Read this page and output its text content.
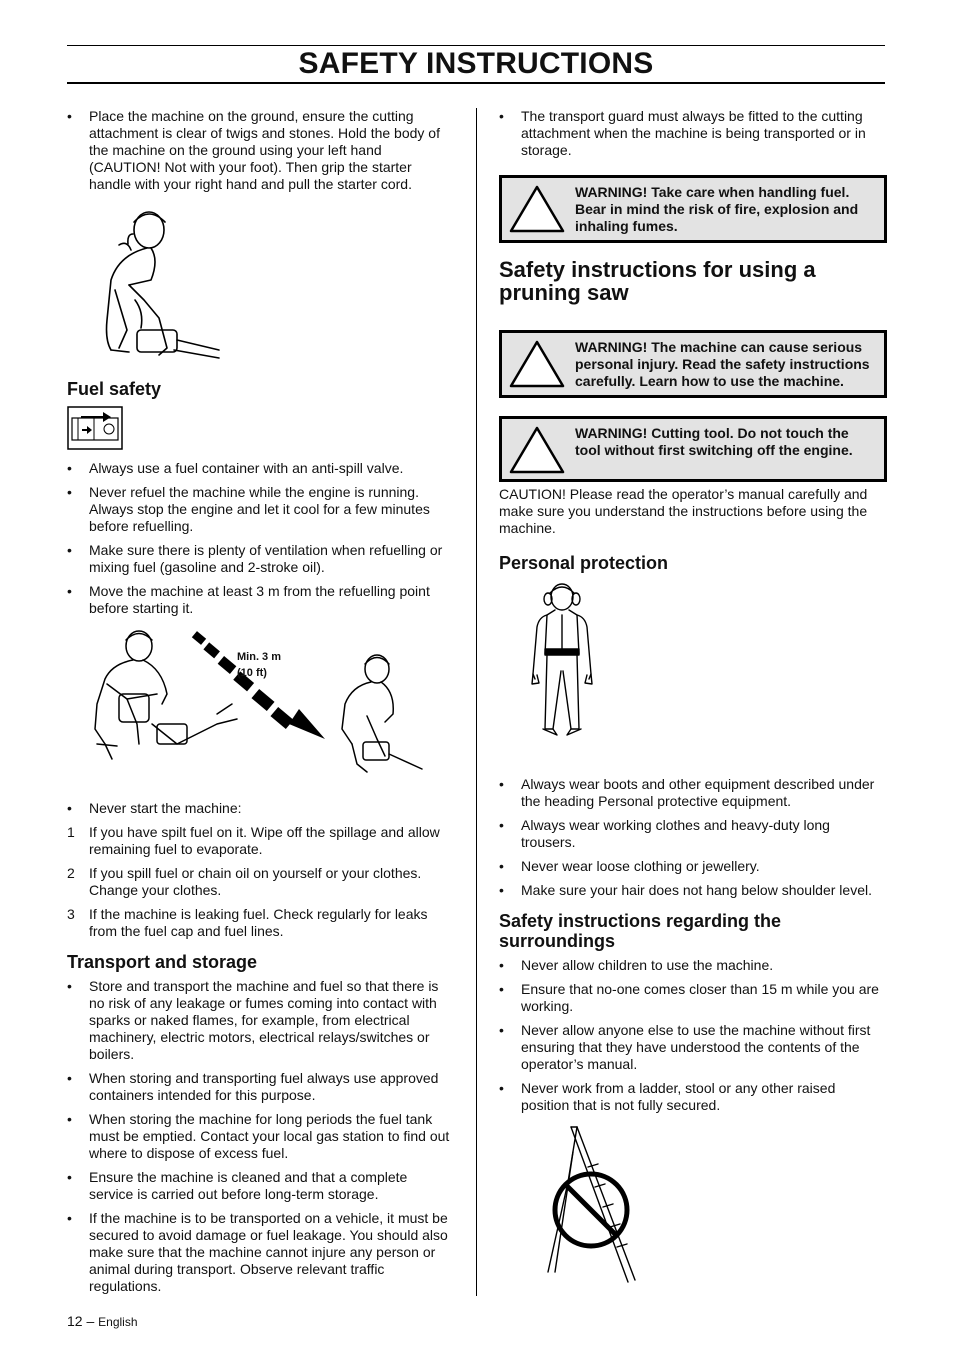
SAFETY INSTRUCTIONS
• Place the machine on the ground, ensure the cutting attachment is clear of twigs and stones. Hold the body of the machine on the ground using your left hand (CAUTION! Not with your foot). Then grip the starter handle with your right hand and pull the starter cord.
Fuel safety
• Always use a fuel container with an anti-spill valve.
• Never refuel the machine while the engine is running. Always stop the engine and let it cool for a few minutes before refuelling.
• Make sure there is plenty of ventilation when refuelling or mixing fuel (gasoline and 2-stroke oil).
• Move the machine at least 3 m from the refuelling point before starting it.
Min. 3 m
(10 ft)
• Never start the machine:
1 If you have spilt fuel on it. Wipe off the spillage and allow remaining fuel to evaporate.
2 If you spill fuel or chain oil on yourself or your clothes. Change your clothes.
3 If the machine is leaking fuel. Check regularly for leaks from the fuel cap and fuel lines.
Transport and storage
• Store and transport the machine and fuel so that there is no risk of any leakage or fumes coming into contact with sparks or naked flames, for example, from electrical machinery, electric motors, electrical relays/switches or boilers.
• When storing and transporting fuel always use approved containers intended for this purpose.
• When storing the machine for long periods the fuel tank must be emptied. Contact your local gas station to find out where to dispose of excess fuel.
• Ensure the machine is cleaned and that a complete service is carried out before long-term storage.
• If the machine is to be transported on a vehicle, it must be secured to avoid damage or fuel leakage. You should also make sure that the machine cannot injure any person or animal during transport. Observe relevant traffic regulations.
• The transport guard must always be fitted to the cutting attachment when the machine is being transported or in storage.
WARNING! Take care when handling fuel. Bear in mind the risk of fire, explosion and inhaling fumes.
Safety instructions for using a pruning saw
WARNING! The machine can cause serious personal injury. Read the safety instructions carefully. Learn how to use the machine.
WARNING! Cutting tool. Do not touch the tool without first switching off the engine.

CAUTION! Please read the operator’s manual carefully and make sure you understand the instructions before using the machine.

Personal protection
• Always wear boots and other equipment described under the heading Personal protective equipment.
• Always wear working clothes and heavy-duty long trousers.
• Never wear loose clothing or jewellery.
• Make sure your hair does not hang below shoulder level.
Safety instructions regarding the surroundings
• Never allow children to use the machine.
• Ensure that no-one comes closer than 15 m while you are working.
• Never allow anyone else to use the machine without first ensuring that they have understood the contents of the operator’s manual.
• Never work from a ladder, stool or any other raised position that is not fully secured.
12 – English
